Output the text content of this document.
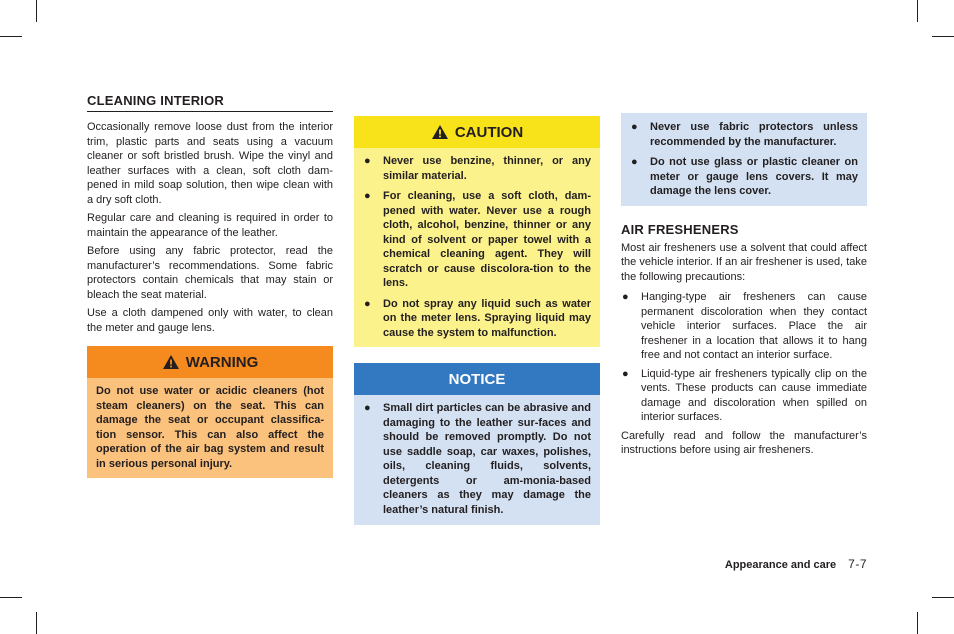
CLEANING INTERIOR

Occasionally remove loose dust from the interior trim, plastic parts and seats using a vacuum cleaner or soft bristled brush. Wipe the vinyl and leather surfaces with a clean, soft cloth dam-pened in mild soap solution, then wipe clean with a dry soft cloth.

Regular care and cleaning is required in order to maintain the appearance of the leather.

Before using any fabric protector, read the manufacturer’s recommendations. Some fabric protectors contain chemicals that may stain or bleach the seat material.

Use a cloth dampened only with water, to clean the meter and gauge lens.

WARNING

Do not use water or acidic cleaners (hot steam cleaners) on the seat. This can damage the seat or occupant classifica-tion sensor. This can also affect the operation of the air bag system and result in serious personal injury.

CAUTION
● Never use benzine, thinner, or any similar material.
● For cleaning, use a soft cloth, dam-pened with water. Never use a rough cloth, alcohol, benzine, thinner or any kind of solvent or paper towel with a chemical cleaning agent. They will scratch or cause discolora-tion to the lens.
● Do not spray any liquid such as water on the meter lens. Spraying liquid may cause the system to malfunction.
NOTICE
● Small dirt particles can be abrasive and damaging to the leather sur-faces and should be removed promptly. Do not use saddle soap, car waxes, polishes, oils, cleaning fluids, solvents, detergents or am-monia-based cleaners as they may damage the leather’s natural finish.
● Never use fabric protectors unless recommended by the manufacturer.
● Do not use glass or plastic cleaner on meter or gauge lens covers. It may damage the lens cover.
AIR FRESHENERS

Most air fresheners use a solvent that could affect the vehicle interior. If an air freshener is used, take the following precautions:

● Hanging-type air fresheners can cause permanent discoloration when they contact vehicle interior surfaces. Place the air freshener in a location that allows it to hang free and not contact an interior surface.
● Liquid-type air fresheners typically clip on the vents. These products can cause immediate damage and discoloration when spilled on interior surfaces.

Carefully read and follow the manufacturer’s instructions before using air fresheners.

Appearance and care 7-7
